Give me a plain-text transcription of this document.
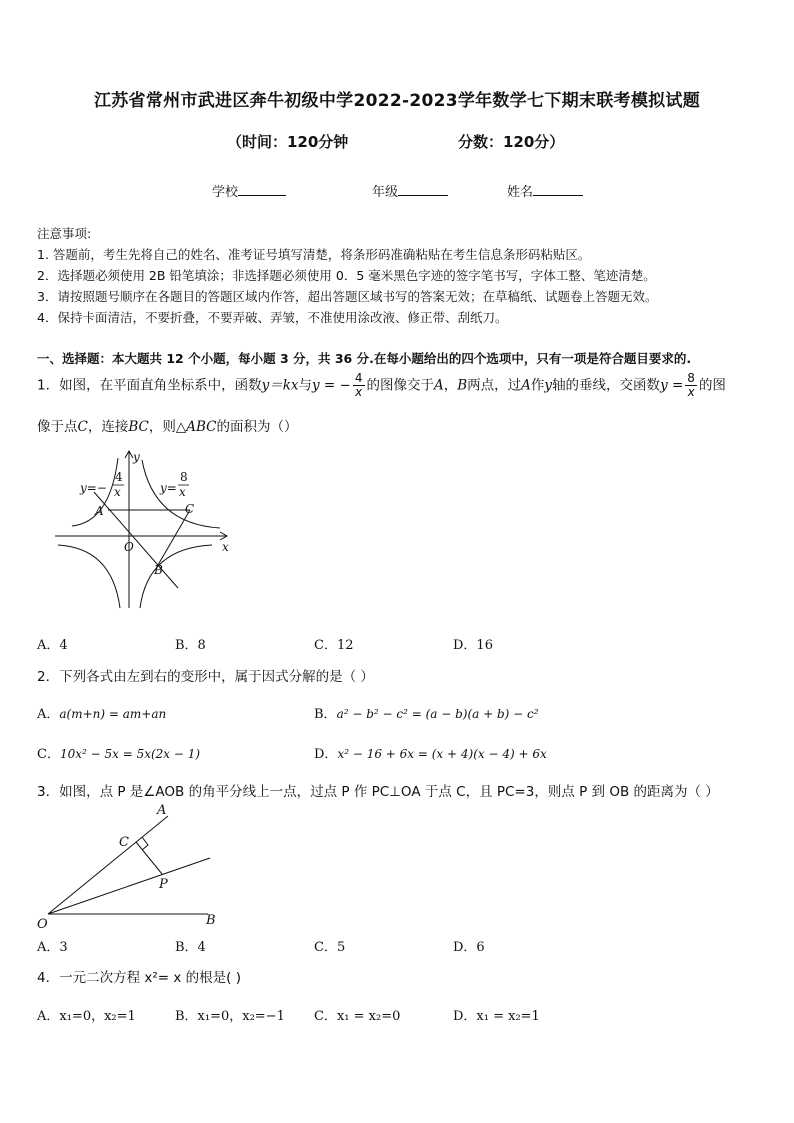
江苏省常州市武进区奔牛初级中学2022-2023学年数学七下期末联考模拟试题
（时间：120分钟	分数：120分）
学校	年级	姓名
注意事项:
1. 答题前，考生先将自己的姓名、准考证号填写清楚，将条形码准确粘贴在考生信息条形码粘贴区。
2．选择题必须使用 2B 铅笔填涂；非选择题必须使用 0．5 毫米黑色字迹的签字笔书写，字体工整、笔迹清楚。
3．请按照题号顺序在各题目的答题区域内作答，超出答题区域书写的答案无效；在草稿纸、试题卷上答题无效。
4．保持卡面清洁，不要折叠，不要弄破、弄皱，不准使用涂改液、修正带、刮纸刀。
一、选择题：本大题共 12 个小题，每小题 3 分，共 36 分.在每小题给出的四个选项中，只有一项是符合题目要求的.
1．如图，在平面直角坐标系中，函数y＝kx与y = − $\frac{4}{x}$ 的图像交于A，B两点，过A作y轴的垂线，交函数$y = \frac{8}{x}$ 的图
像于点C，连接BC，则△ABC的面积为（）
y=−
4
x	y=
8
x
A	C
B
O	x
y
A．4	B．8	C．12	D．16
2．下列各式由左到右的变形中，属于因式分解的是（ ）
A．a(m+n) = am+an	B．a² − b² − c² = (a − b)(a + b) − c²
C．10x² − 5x = 5x(2x − 1)	D．x² − 16 + 6x = (x + 4)(x − 4) + 6x
3．如图，点 P 是∠AOB 的角平分线上一点，过点 P 作 PC⊥OA 于点 C，且 PC=3，则点 P 到 OB 的距离为（ ）
A
B
C
O
P
A．3	B．4	C．5	D．6
4．一元二次方程 x²= x 的根是( )
A．x₁=0，x₂=1	B．x₁=0，x₂=−1 C．x₁ = x₂=0	D．x₁ = x₂=1
